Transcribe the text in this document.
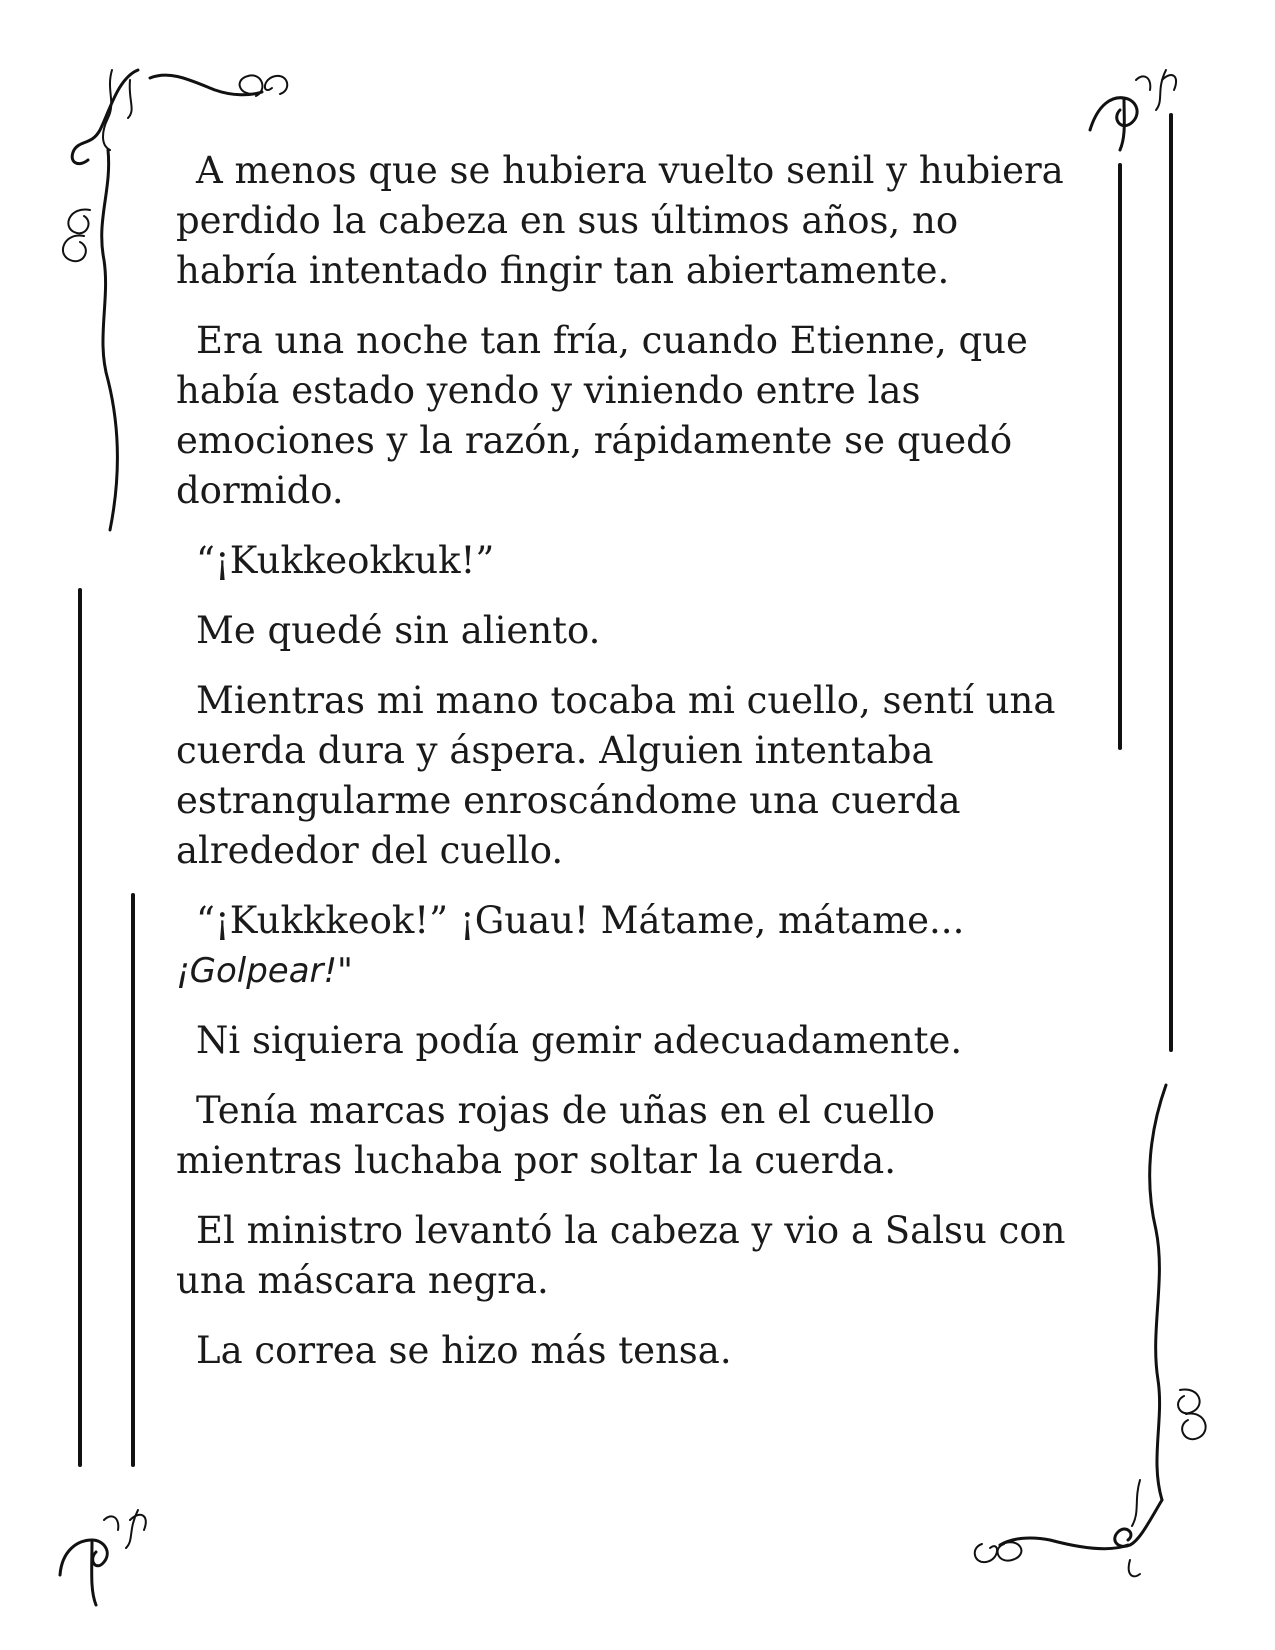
A menos que se hubiera vuelto senil y hubiera
perdido la cabeza en sus últimos años, no
habría intentado fingir tan abiertamente.

Era una noche tan fría, cuando Etienne, que
había estado yendo y viniendo entre las
emociones y la razón, rápidamente se quedó
dormido.

“¡Kukkeokkuk!”

Me quedé sin aliento.

Mientras mi mano tocaba mi cuello, sentí una
cuerda dura y áspera. Alguien intentaba
estrangularme enroscándome una cuerda
alrededor del cuello.

“¡Kukkkeok!” ¡Guau! Mátame, mátame...
¡Golpear!"

Ni siquiera podía gemir adecuadamente.

Tenía marcas rojas de uñas en el cuello
mientras luchaba por soltar la cuerda.

El ministro levantó la cabeza y vio a Salsu con
una máscara negra.

La correa se hizo más tensa.
